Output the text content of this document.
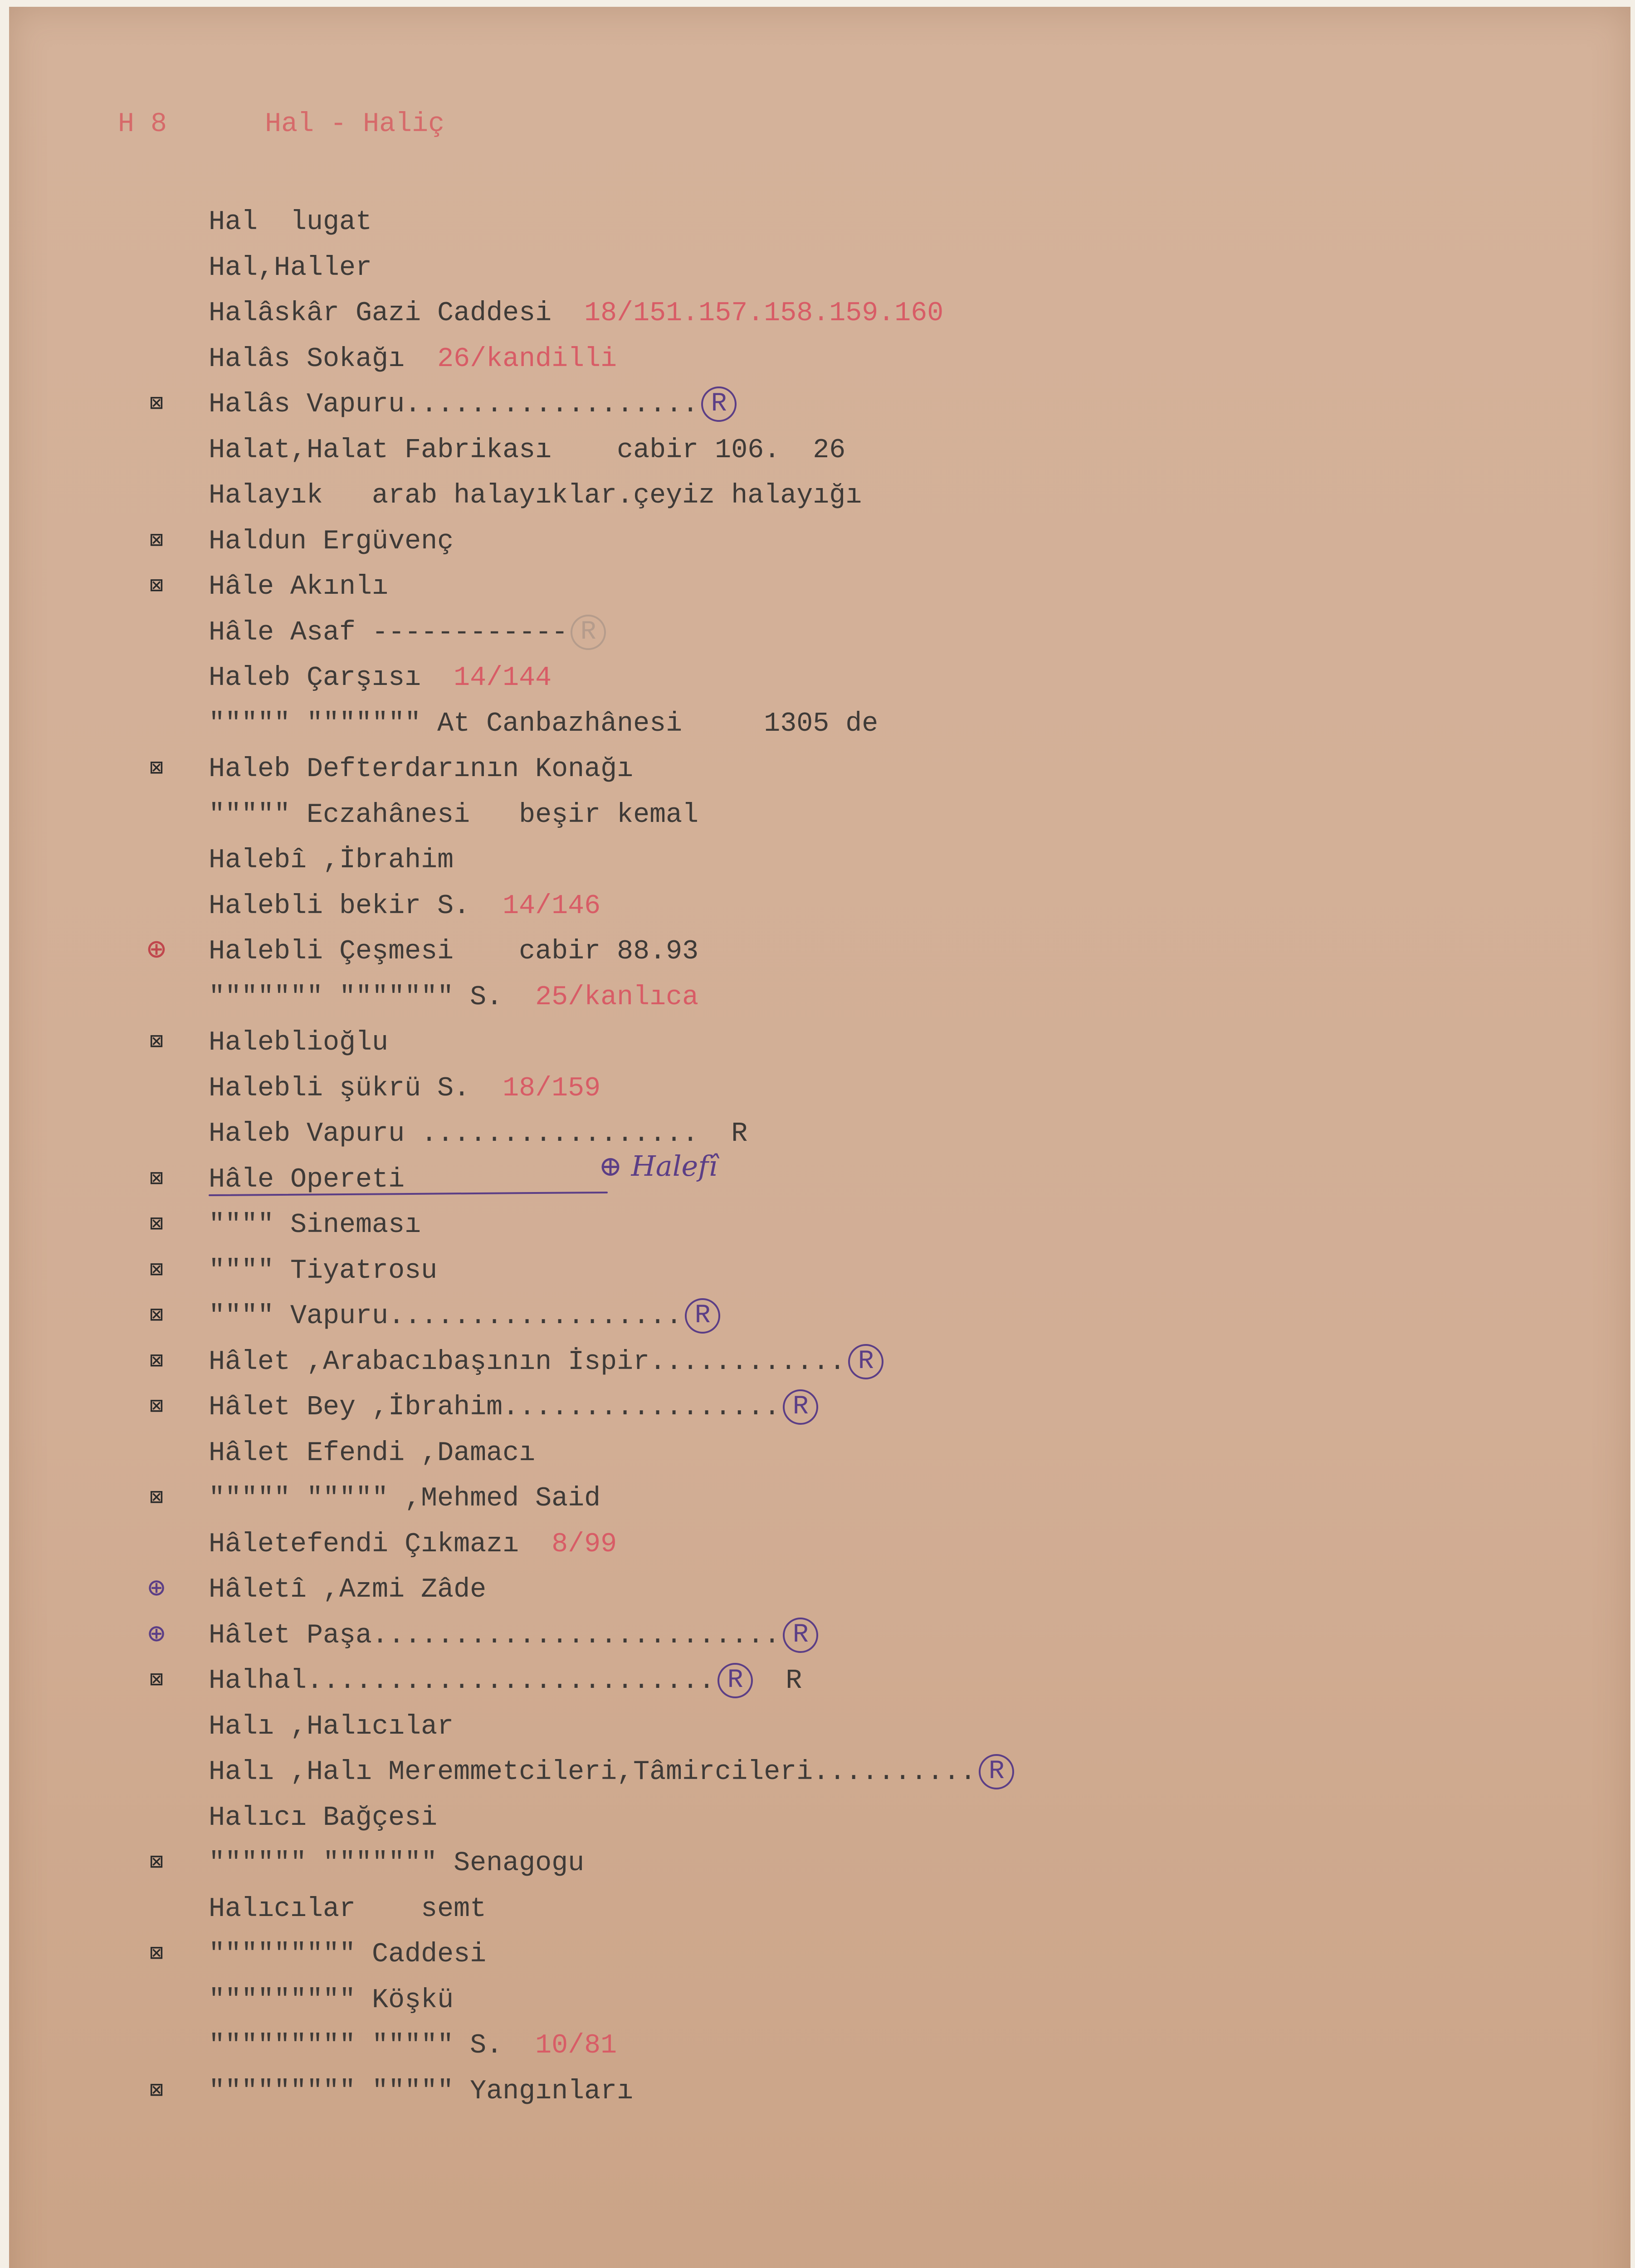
H 8	Hal - Haliç
Hal  lugat
Hal,Haller
Halâskâr Gazi Caddesi 18/151.157.158.159.160
Halâs Sokağı 26/kandilli
⊠ Halâs Vapuru.................. R
Halat,Halat Fabrikası    cabir 106.  26
Halayık   arab halayıklar.çeyiz halayığı
⊠ Haldun Ergüvenç
⊠ Hâle Akınlı
Hâle Asaf ------------ R
Haleb Çarşısı 14/144
""""" """"""" At Canbazhânesi     1305 de
⊠ Haleb Defterdarının Konağı
""""" Eczahânesi   beşir kemal
Halebî ,İbrahim
Halebli bekir S. 14/146
⊕ Halebli Çeşmesi    cabir 88.93
""""""" """"""" S. 25/kanlıca
⊠ Haleblioğlu
Halebli şükrü S. 18/159
Haleb Vapuru ................. R
⊠ Hâle Opereti	⊕ Halefî
⊠ """" Sineması
⊠ """" Tiyatrosu
⊠ """" Vapuru.................. R
⊠ Hâlet ,Arabacıbaşının İspir............ R
⊠ Hâlet Bey ,İbrahim................. R
Hâlet Efendi ,Damacı
⊠ """"" """"" ,Mehmed Said
Hâletefendi Çıkmazı 8/99
⊕ Hâletî ,Azmi Zâde
⊕ Hâlet Paşa......................... R
⊠ Halhal......................... R R
Halı ,Halıcılar
Halı ,Halı Meremmetcileri,Tâmircileri.......... R
Halıcı Bağçesi
⊠ """""" """"""" Senagogu
Halıcılar    semt
⊠ """"""""" Caddesi
""""""""" Köşkü
""""""""" """"" S. 10/81
⊠ """"""""" """"" Yangınları
